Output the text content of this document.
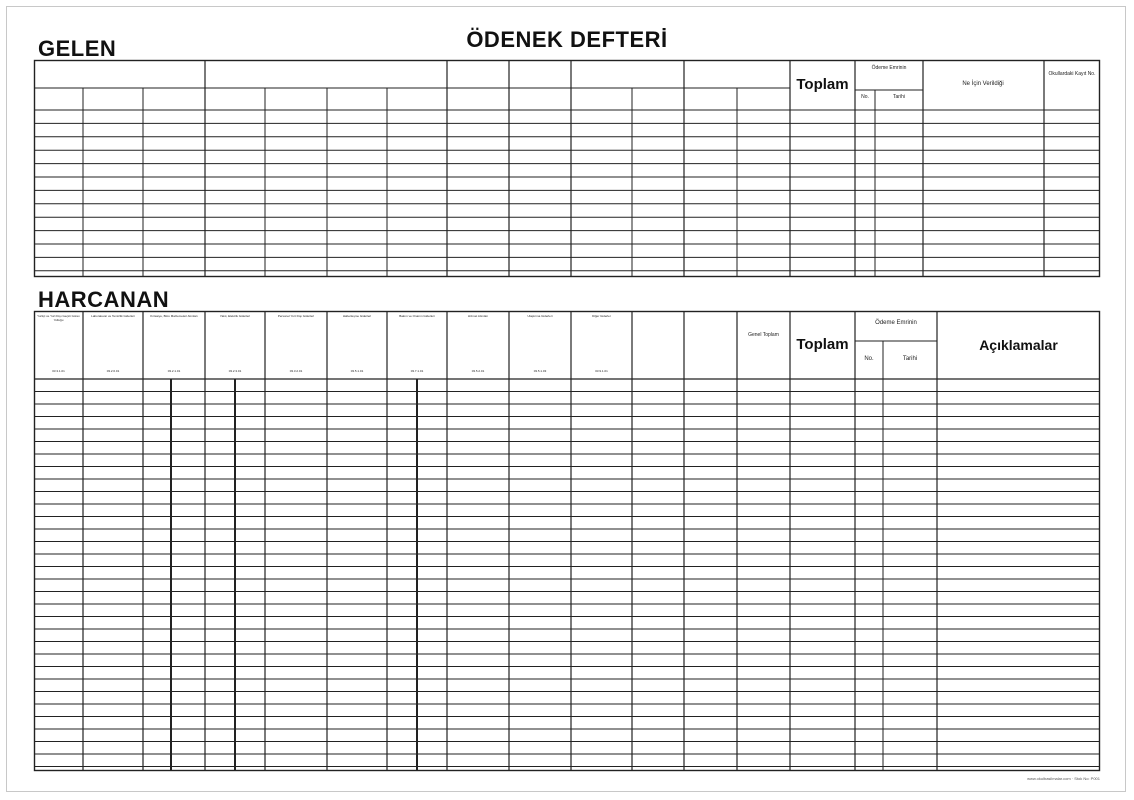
ÖDENEK DEFTERİ
GELEN
Toplam
Ödeme Emrinin
No.	Tarihi
Ne İçin Verildiği
Okullardaki Kayıt No.
HARCANAN
Yurtiçi ve Yurt Dışı Geçici Görev Yolluğu
03.3.1.01
Laboratuvar ve Temizlik Giderleri
03.2.6.01
Kırtasiye, Büro Malzemeleri Alımları
03.2.1.01
Yakıt, Elektrik Giderleri
03.2.3.01
Personel Yurt Dışı Giderleri
03.3.2.01
Haberleşme Giderleri
03.5.1.01
Bakım ve Onarım Giderleri
03.7.1.01
Hizmet Alımları
03.5.2.01
Ulaştırma Giderleri
03.5.1.03
Diğer Giderler
03.9.1.01
Genel Toplam
Toplam
Ödeme Emrinin
No.	Tarihi
Açıklamalar
www.okulbasilmalar.com · Stok No: P001
